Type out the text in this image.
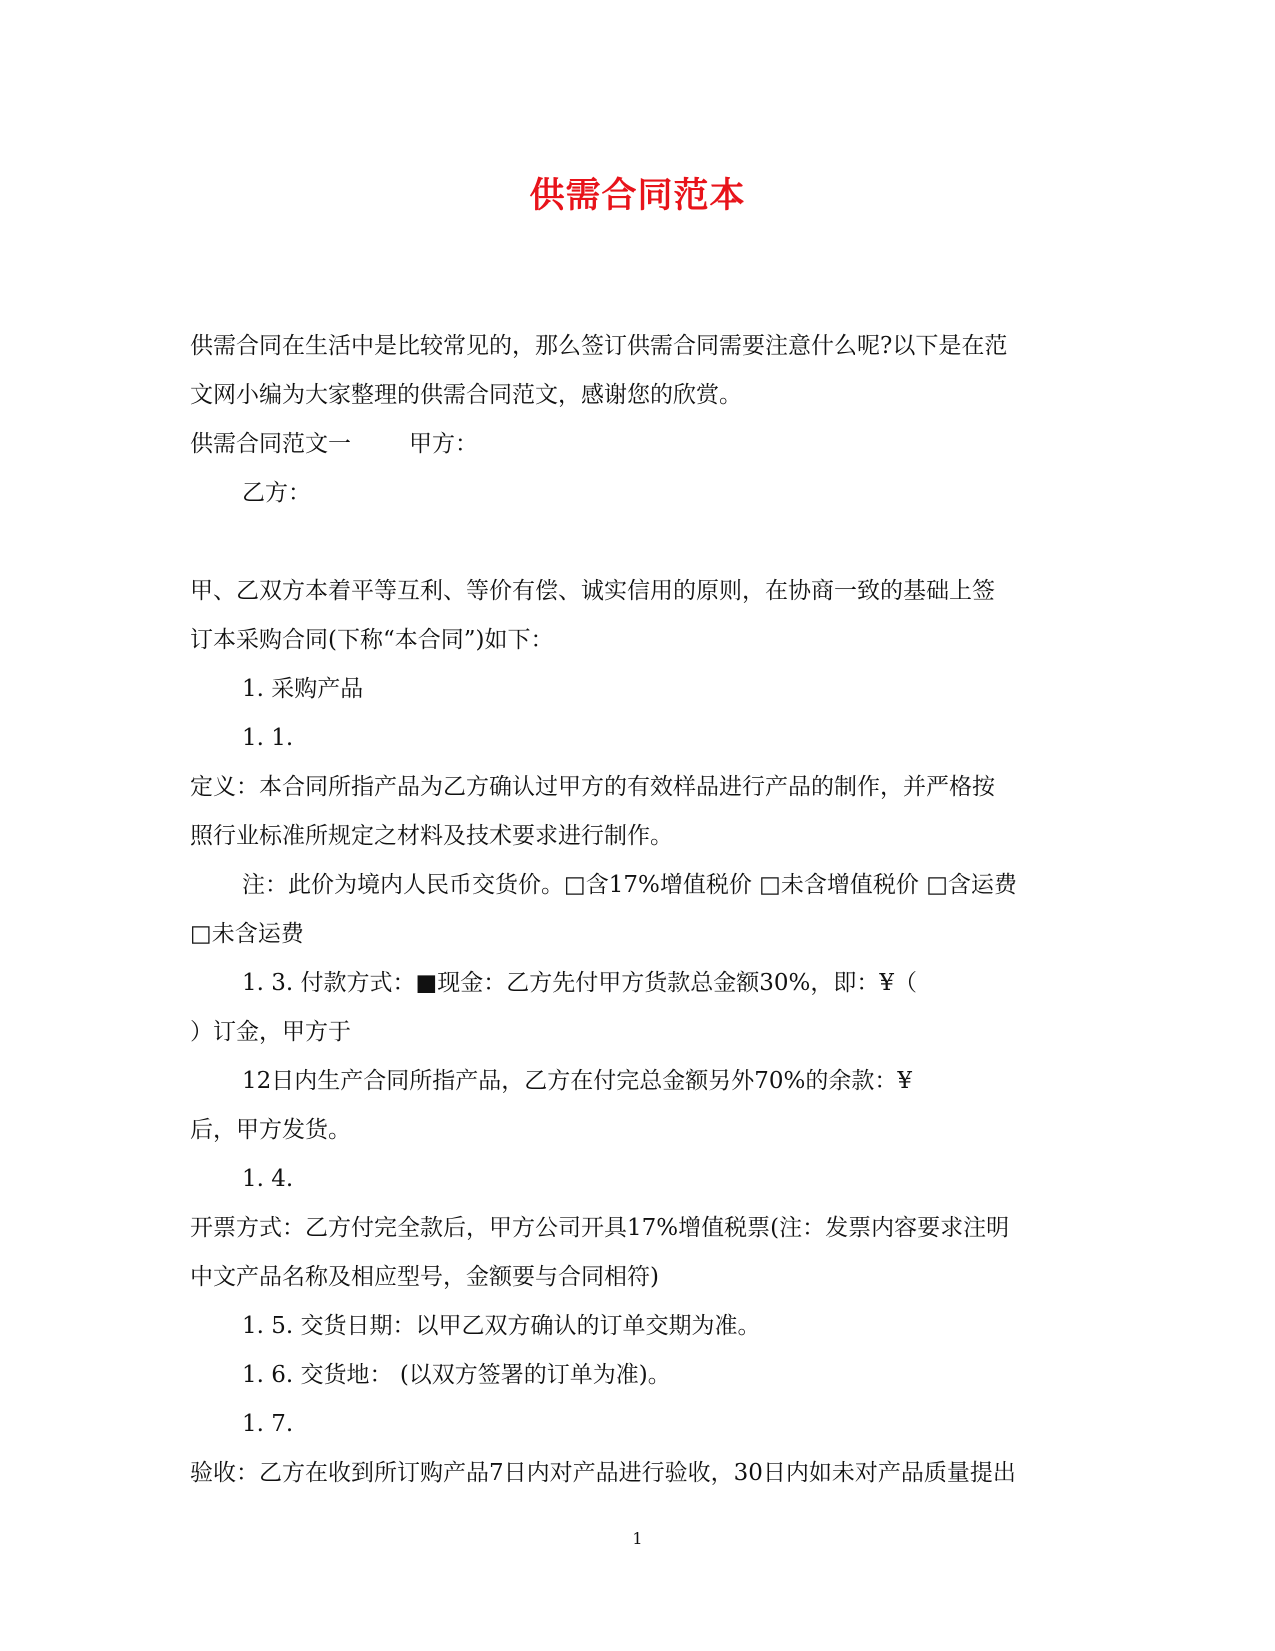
供需合同范本

供需合同在生活中是比较常见的，那么签订供需合同需要注意什么呢?以下是在范

文网小编为大家整理的供需合同范文，感谢您的欣赏。

供需合同范文一	甲方：

乙方：

甲、乙双方本着平等互利、等价有偿、诚实信用的原则，在协商一致的基础上签

订本采购合同(下称“本合同”)如下：

1. 采购产品

1. 1.

定义：本合同所指产品为乙方确认过甲方的有效样品进行产品的制作，并严格按

照行业标准所规定之材料及技术要求进行制作。

注：此价为境内人民币交货价。□含17%增值税价 □未含增值税价 □含运费

□未含运费

1. 3. 付款方式：■现金：乙方先付甲方货款总金额30%，即：¥（

）订金，甲方于

12日内生产合同所指产品，乙方在付完总金额另外70%的余款：¥

后，甲方发货。

1. 4.

开票方式：乙方付完全款后，甲方公司开具17%增值税票(注：发票内容要求注明

中文产品名称及相应型号，金额要与合同相符)

1. 5. 交货日期：以甲乙双方确认的订单交期为准。

1. 6. 交货地： (以双方签署的订单为准)。

1. 7.

验收：乙方在收到所订购产品7日内对产品进行验收，30日内如未对产品质量提出

1
